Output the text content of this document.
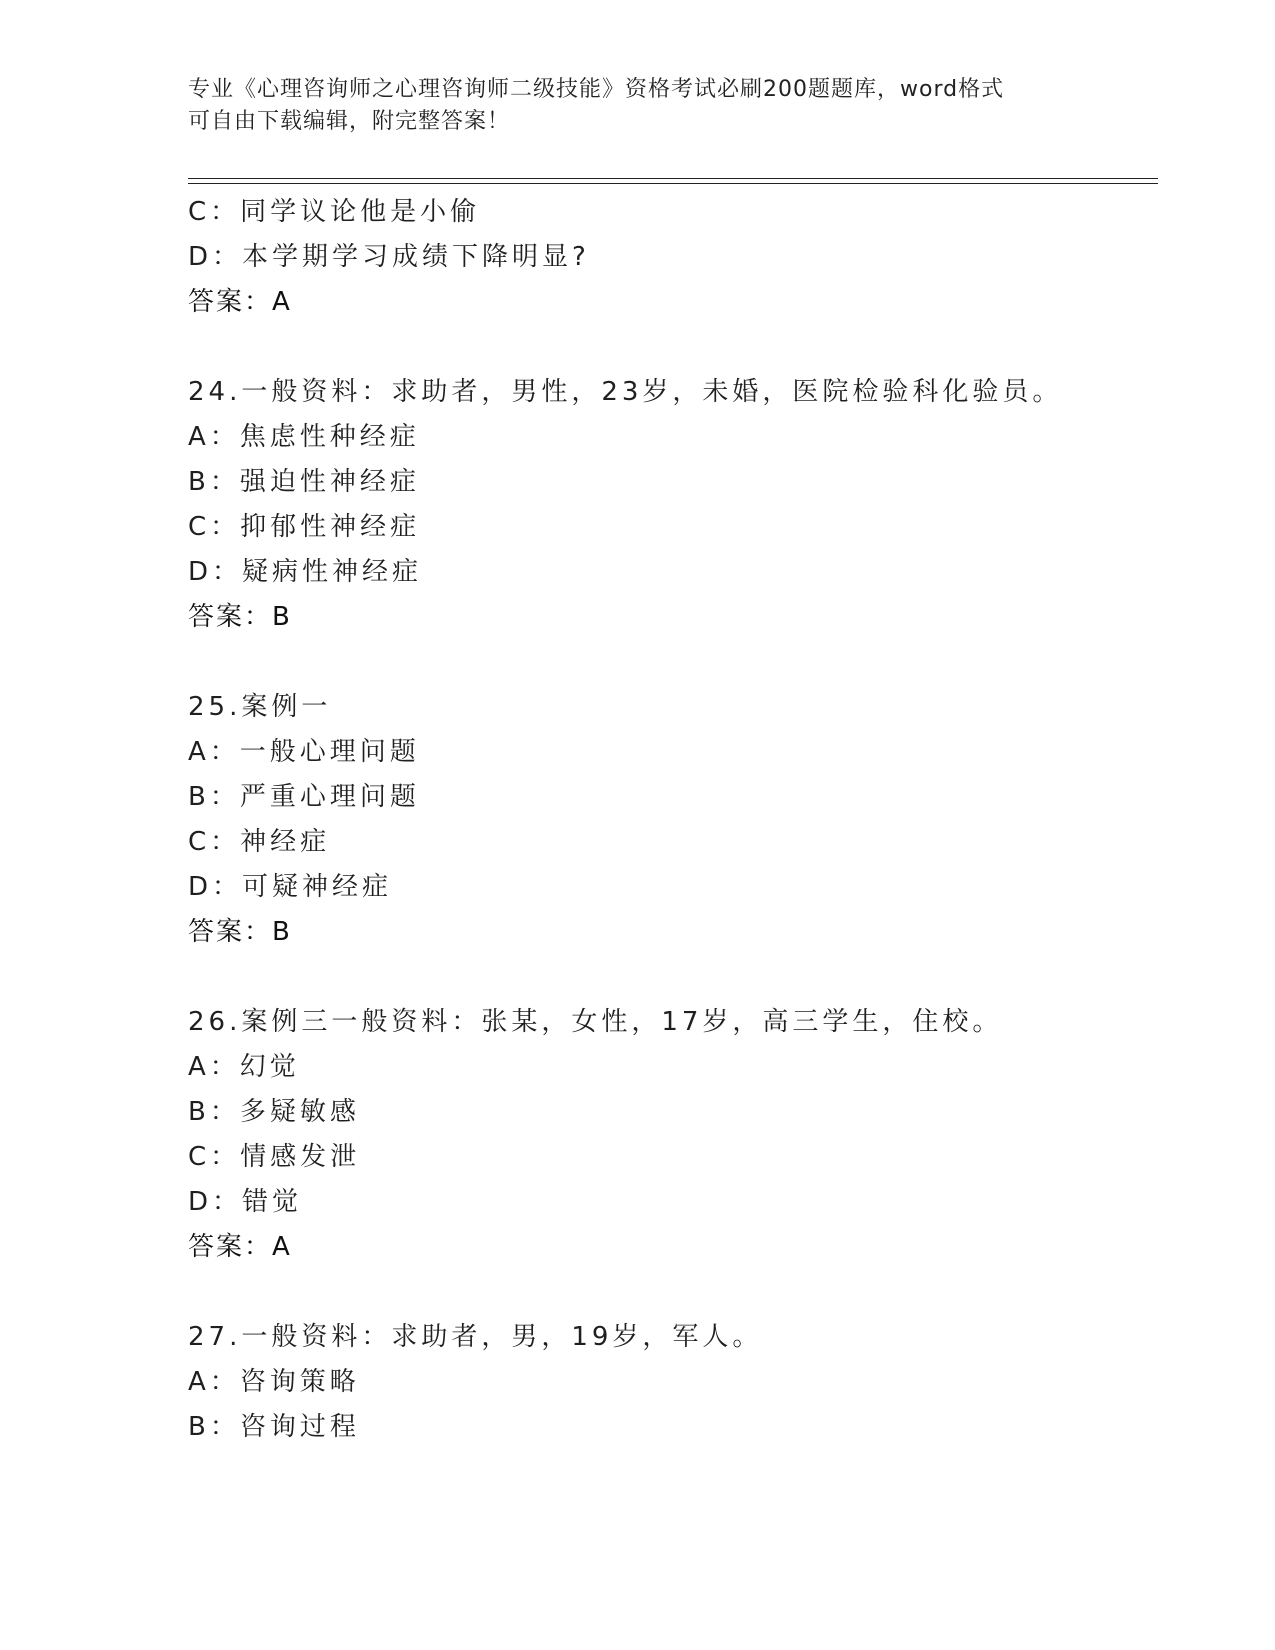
专业《心理咨询师之心理咨询师二级技能》资格考试必刷200题题库，word格式
可自由下载编辑，附完整答案！
C：同学议论他是小偷
D：本学期学习成绩下降明显?
答案：A
24.一般资料：求助者，男性，23岁，未婚，医院检验科化验员。
A：焦虑性种经症
B：强迫性神经症
C：抑郁性神经症
D：疑病性神经症
答案：B
25.案例一
A：一般心理问题
B：严重心理问题
C：神经症
D：可疑神经症
答案：B
26.案例三一般资料：张某，女性，17岁，高三学生，住校。
A：幻觉
B：多疑敏感
C：情感发泄
D：错觉
答案：A
27.一般资料：求助者，男，19岁，军人。
A：咨询策略
B：咨询过程
